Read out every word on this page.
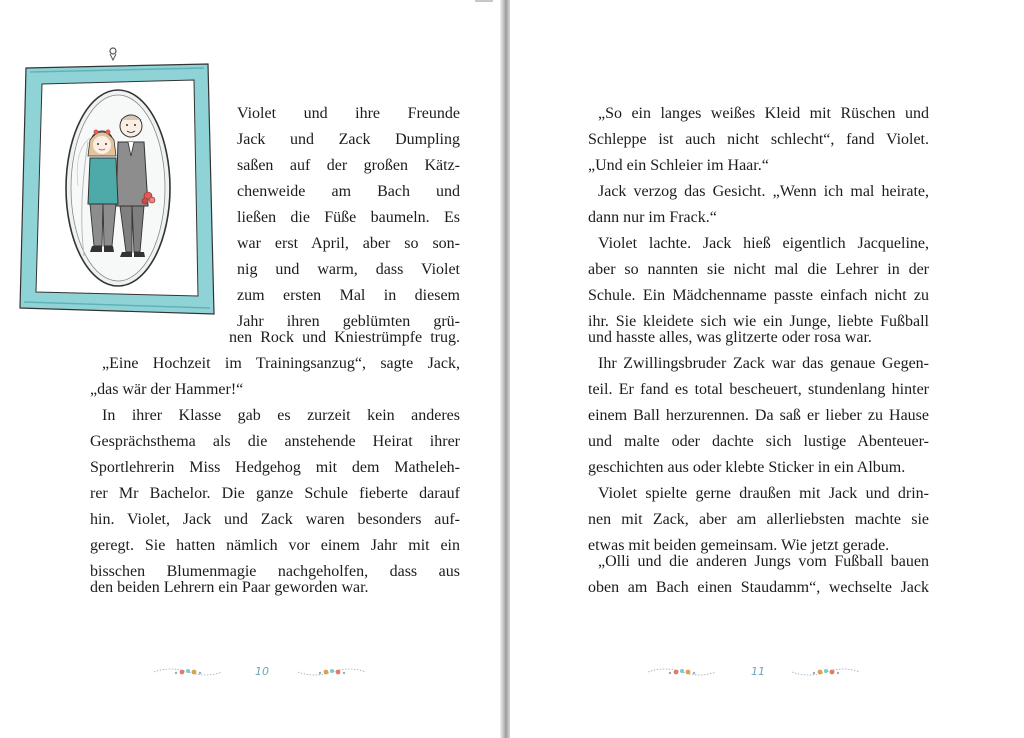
Violet und ihre Freunde
Jack und Zack Dumpling
saßen auf der großen Kätz-
chenweide am Bach und
ließen die Füße baumeln. Es
war erst April, aber so son-
nig und warm, dass Violet
zum ersten Mal in diesem
Jahr ihren geblümten grü-
nen Rock und Kniestrümpfe trug.
„Eine Hochzeit im Trainingsanzug“, sagte Jack,
„das wär der Hammer!“
In ihrer Klasse gab es zurzeit kein anderes
Gesprächsthema als die anstehende Heirat ihrer
Sportlehrerin Miss Hedgehog mit dem Matheleh-
rer Mr Bachelor. Die ganze Schule fieberte darauf
hin. Violet, Jack und Zack waren besonders auf-
geregt. Sie hatten nämlich vor einem Jahr mit ein
bisschen Blumenmagie nachgeholfen, dass aus
den beiden Lehrern ein Paar geworden war.
10
„So ein langes weißes Kleid mit Rüschen und
Schleppe ist auch nicht schlecht“, fand Violet.
„Und ein Schleier im Haar.“
Jack verzog das Gesicht. „Wenn ich mal heirate,
dann nur im Frack.“
Violet lachte. Jack hieß eigentlich Jacqueline,
aber so nannten sie nicht mal die Lehrer in der
Schule. Ein Mädchenname passte einfach nicht zu
ihr. Sie kleidete sich wie ein Junge, liebte Fußball
und hasste alles, was glitzerte oder rosa war.
Ihr Zwillingsbruder Zack war das genaue Gegen-
teil. Er fand es total bescheuert, stundenlang hinter
einem Ball herzurennen. Da saß er lieber zu Hause
und malte oder dachte sich lustige Abenteuer-
geschichten aus oder klebte Sticker in ein Album.
Violet spielte gerne draußen mit Jack und drin-
nen mit Zack, aber am allerliebsten machte sie
etwas mit beiden gemeinsam. Wie jetzt gerade.
„Olli und die anderen Jungs vom Fußball bauen
oben am Bach einen Staudamm“, wechselte Jack
11
